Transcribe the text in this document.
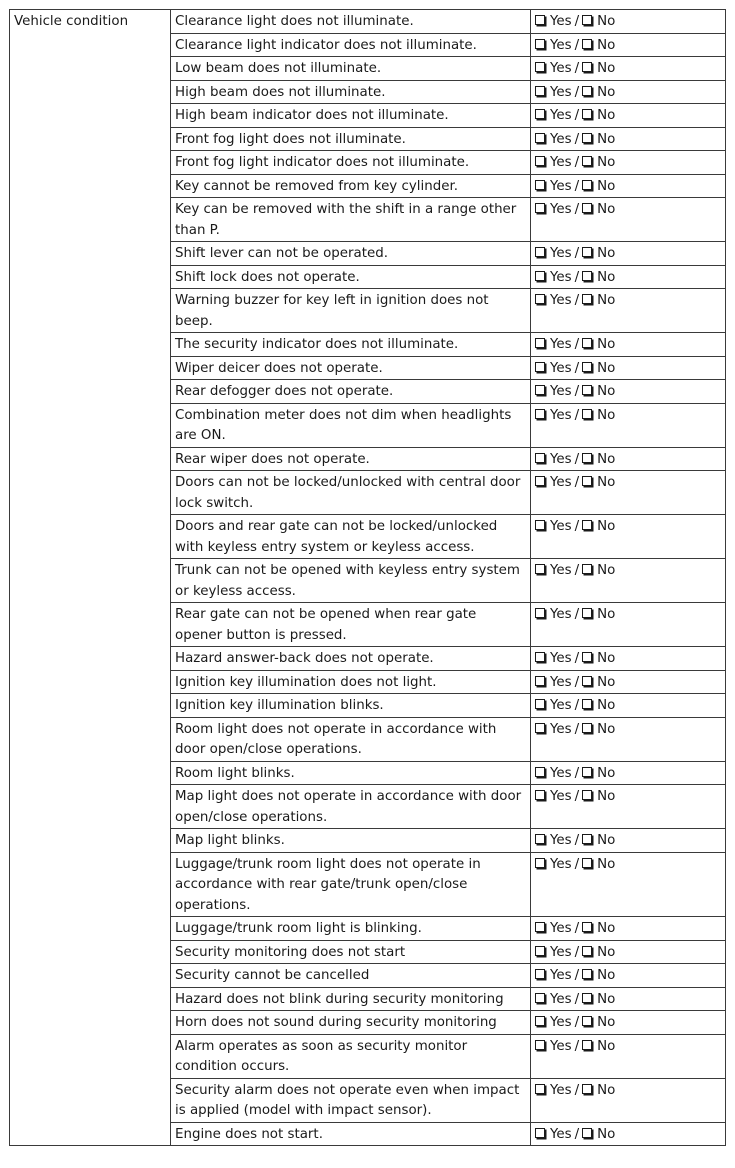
Vehicle condition	Clearance light does not illuminate.	Yes / No
	Clearance light indicator does not illuminate.	Yes / No
	Low beam does not illuminate.	Yes / No
	High beam does not illuminate.	Yes / No
	High beam indicator does not illuminate.	Yes / No
	Front fog light does not illuminate.	Yes / No
	Front fog light indicator does not illuminate.	Yes / No
	Key cannot be removed from key cylinder.	Yes / No
	Key can be removed with the shift in a range other than P.	Yes / No
	Shift lever can not be operated.	Yes / No
	Shift lock does not operate.	Yes / No
	Warning buzzer for key left in ignition does not beep.	Yes / No
	The security indicator does not illuminate.	Yes / No
	Wiper deicer does not operate.	Yes / No
	Rear defogger does not operate.	Yes / No
	Combination meter does not dim when headlights are ON.	Yes / No
	Rear wiper does not operate.	Yes / No
	Doors can not be locked/unlocked with central door lock switch.	Yes / No
	Doors and rear gate can not be locked/unlocked with keyless entry system or keyless access.	Yes / No
	Trunk can not be opened with keyless entry system or keyless access.	Yes / No
	Rear gate can not be opened when rear gate opener button is pressed.	Yes / No
	Hazard answer-back does not operate.	Yes / No
	Ignition key illumination does not light.	Yes / No
	Ignition key illumination blinks.	Yes / No
	Room light does not operate in accordance with door open/close operations.	Yes / No
	Room light blinks.	Yes / No
	Map light does not operate in accordance with door open/close operations.	Yes / No
	Map light blinks.	Yes / No
	Luggage/trunk room light does not operate in accordance with rear gate/trunk open/close operations.	Yes / No
	Luggage/trunk room light is blinking.	Yes / No
	Security monitoring does not start	Yes / No
	Security cannot be cancelled	Yes / No
	Hazard does not blink during security monitoring	Yes / No
	Horn does not sound during security monitoring	Yes / No
	Alarm operates as soon as security monitor condition occurs.	Yes / No
	Security alarm does not operate even when impact is applied (model with impact sensor).	Yes / No
	Engine does not start.	Yes / No
